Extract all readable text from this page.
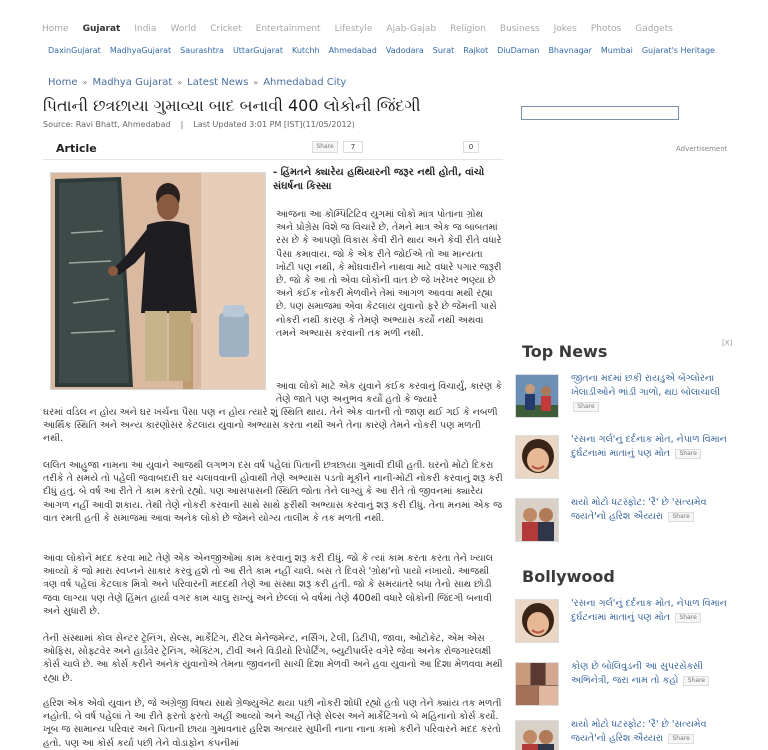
Home Gujarat India World Cricket Entertainment Lifestyle Ajab-Gajab Religion Business Jokes Photos Gadgets
DaxinGujarat MadhyaGujarat Saurashtra UttarGujarat Kutchh Ahmedabad Vadodara Surat Rajkot DiuDaman Bhavnagar Mumbai Gujarat's Heritage
Home » Madhya Gujarat » Latest News » Ahmedabad City
પિતાની છત્રછાયા ગુમાવ્યા બાદ બનાવી 400 લોકોની જિંદગી
Source: Ravi Bhatt, Ahmedabad | Last Updated 3:01 PM [IST](11/05/2012)
Article	Share	7	0	Advertisement
- હિંમતને ક્યારેય હથિયારની જરૂર નથી હોતી, વાંચો સંઘર્ષના કિસ્સા
આજના આ કોમ્પિટિટિવ યુગમાં લોકો માત્ર પોતાના ગ્રોથ અને પ્રોગ્રેસ વિશે જ વિચારે છે. તેમને માત્ર એક જ બાબતમાં રસ છે કે આપણો વિકાસ કેવી રીતે થાય અને કેવી રીતે વધારે પૈસા કમાવાય. જો કે એક રીતે જોઈએ તો આ માન્યતા ખોટી પણ નથી, કે મોંઘવારીને નાથવા માટે વધારે પગાર જરૂરી છે. જો કે આ તો એવા લોકોની વાત છે જે ખરેખર ભણ્યા છે અને કંઈક નોકરી મેળવીને તેમાં આગળ આવવા મથી રહ્યા છે. પણ સમાજમાં એવા કેટલાય યુવાનો ફરે છે જેમની પાસે નોકરી નથી કારણ કે તેમણે અભ્યાસ કર્યો નથી અથવા તમને અભ્યાસ કરવાની તક મળી નથી.
આવા લોકો માટે એક યુવાને કંઈક કરવાનું વિચાર્યું, કારણ કે તેણે જાતે પણ અનુભવ કર્યો હતો કે જ્યારે
ઘરમાં વડિલ ન હોય અને ઘર ખર્ચના પૈસા પણ ન હોય ત્યારે શું સ્થિતિ થાય. તેને એક વાતની તો જાણ થઈ ગઈ કે નબળી આર્થિક સ્થિતિ અને અન્ય કારણોસર કેટલાય યુવાનો અભ્યાસ કરતા નથી અને તેના કારણે તેમને નોકરી પણ મળતી નથી.
લલિત આહુજા નામના આ યુવાને આજથી લગભગ દસ વર્ષ પહેલાં પિતાની છત્રછાયા ગુમાવી દીધી હતી. ઘરનો મોટો દિકરા તરીકે તે સમયે તો પહેલી જવાબદારી ઘર ચલાવવાની હોવાથી તેણે અભ્યાસ પડતો મૂકીને નાની-મોટી નોકરી કરવાનું શરૂ કરી દીધું હતું. બે વર્ષ આ રીતે તે કામ કરતો રહ્યો. પણ આસપાસની સ્થિતિ જોતા તેને લાગ્યું કે આ રીતે તો જીવનમાં ક્યારેય આગળ નહીં આવી શકાય. તેથી તેણે નોકરી કરવાની સાથે સાથે ફરીથી અભ્યાસ કરવાનું શરૂ કરી દીધું. તેના મનમાં એક જ વાત રમતી હતી કે સમાજમાં આવા અનેક લોકો છે જેમને યોગ્ય તાલીમ કે તક મળતી નથી.
આવા લોકોને મદદ કરવા માટે તેણે એક એનજીઓમાં કામ કરવાનું શરૂ કરી દીધું. જો કે ત્યાં કામ કરતા કરતા તેને ખ્યાલ આવ્યો કે જો મારા સ્વપ્નને સાકાર કરવું હશે તો આ રીતે કામ નહીં ચાલે. બસ તે દિવસે 'ગ્રોથ'નો પાયો નંખાયો. આજથી ત્રણ વર્ષ પહેલાં કેટલાક મિત્રો અને પરિવારની મદદથી તેણે આ સંસ્થા શરૂ કરી હતી. જો કે સમયાંતરે બધા તેનો સાથ છોડી જવા લાગ્યા પણ તેણે હિંમત હાર્યા વગર કામ ચાલુ રાખ્યું અને છેલ્લાં બે વર્ષમાં તેણે 400થી વધારે લોકોની જિંદગી બનાવી અને સુધારી છે.
તેની સંસ્થામાં કોલ સેન્ટર ટ્રેનિંગ, સેલ્સ, માર્કેટિંગ, રીટેલ મેનેજમેન્ટ, નર્સિંગ, ટેલી, ડિટીપી, જાવા, ઓટોકેટ, એમ એસ ઓફિસ, સોફ્ટવેર અને હાર્ડવેર ટ્રેનિંગ, એક્ટિંગ, ટીવી અને વિડીયો રિપોર્ટિંગ, બ્યુટીપાર્લર વગેરે જેવા અનેક રોજગારલક્ષી કોર્સ ચાલે છે. આ કોર્સ કરીને અનેક યુવાનોએ તેમના જીવનની સાચી દિશા મેળવી અને હવા યુવાનો આ દિશા મેળવવા મથી રહ્યા છે.
હરિશ એક એવો યુવાન છે, જે અંગ્રેજી વિષય સાથે ગ્રેજ્યુએટ થયા પછી નોકરી શોધી રહ્યો હતો પણ તેને ક્યાંય તક મળતી નહોતી. બે વર્ષ પહેલાં તે આ રીતે ફરતો ફરતો અહીં આવ્યો અને અહીં તેણે સેલ્સ અને માર્કેટિંગનો બે મહિનાનો કોર્સ કર્યો. ખૂબ જ સામાન્ય પરિવાર અને પિતાની છાયા ગુમાવનાર હરિશ અત્યાર સુધીની નાના નાના કામો કરીને પરિવારને મદદ કરતો હતો. પણ આ કોર્સ કર્યા પછી તેને વોડાફોન કંપનીમાં
Top News	[X]
જીતના મદમાં છકી રાયડુએ બેંગ્લોરના ખેલાડીઓને ભાંડી ગાળો, થઇ બોલાચાલી Share
'રસના ગર્લ'નું દર્દનાક મોત, નેપાળ વિમાન દુર્ઘટનામાં માતાનું પણ મોત Share
થયો મોટો ધટસ્ફોટ: 'રૈ' છે 'સત્યમેવ જયતે'નો હરિશ ઐય્યરા Share
Bollywood
'રસના ગર્લ'નું દર્દનાક મોત, નેપાળ વિમાન દુર્ઘટનામાં માતાનું પણ મોત Share
કોણ છે બોલિવુડની આ સુપરસેક્સી અભિનેત્રી, જરા નામ તો કહો Share
થયો મોટો ધટસ્ફોટ: 'રૈ' છે 'સત્યમેવ જયતે'નો હરિશ ઐય્યરા Share
